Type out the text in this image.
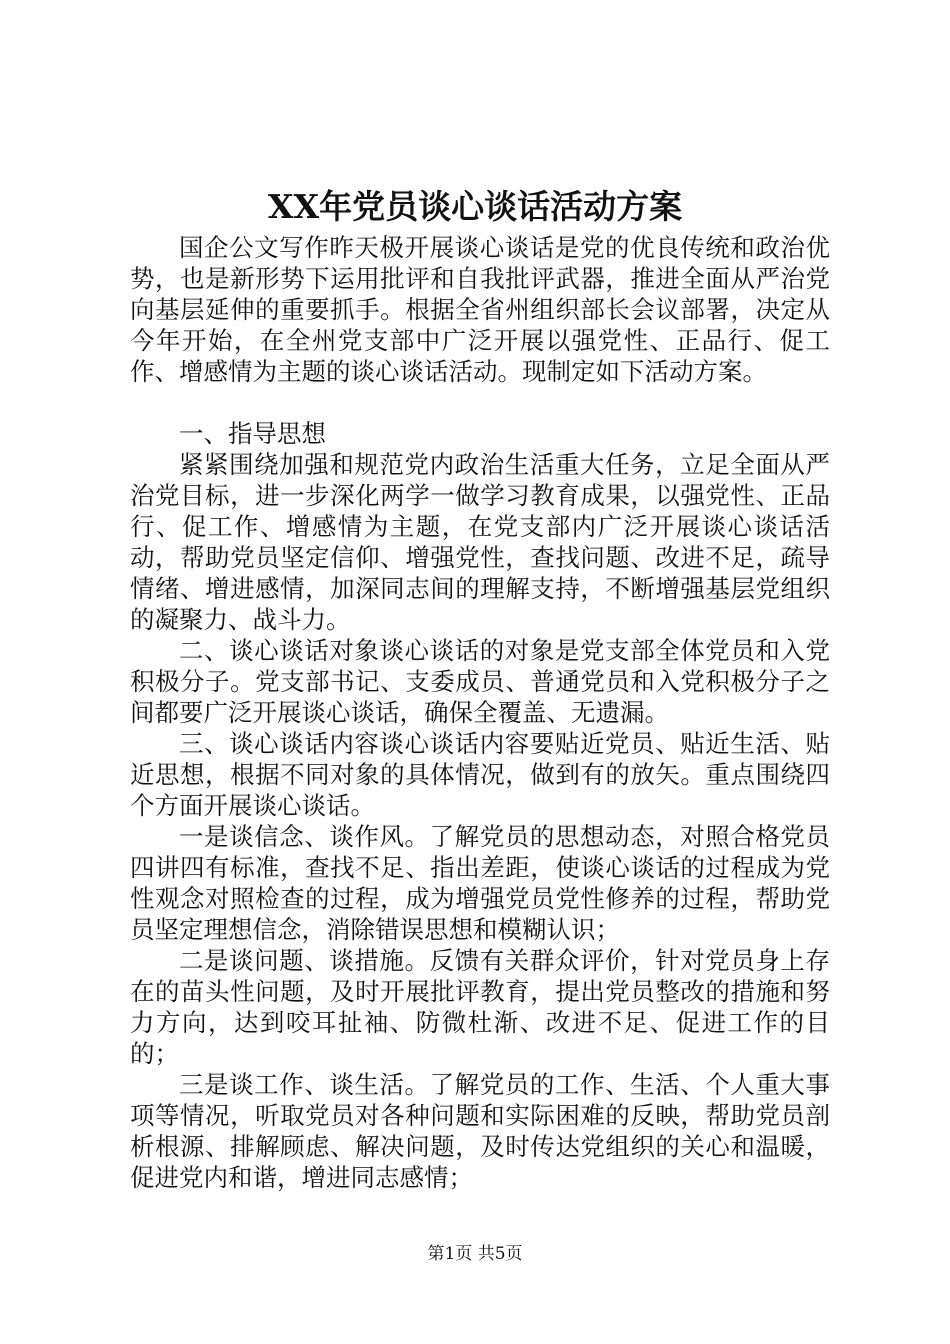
XX年党员谈心谈话活动方案

国企公文写作昨天极开展谈心谈话是党的优良传统和政治优势，也是新形势下运用批评和自我批评武器，推进全面从严治党向基层延伸的重要抓手。根据全省州组织部长会议部署，决定从今年开始，在全州党支部中广泛开展以强党性、正品行、促工作、增感情为主题的谈心谈话活动。现制定如下活动方案。

一、指导思想

紧紧围绕加强和规范党内政治生活重大任务，立足全面从严治党目标，进一步深化两学一做学习教育成果，以强党性、正品行、促工作、增感情为主题，在党支部内广泛开展谈心谈话活动，帮助党员坚定信仰、增强党性，查找问题、改进不足，疏导情绪、增进感情，加深同志间的理解支持，不断增强基层党组织的凝聚力、战斗力。

二、谈心谈话对象谈心谈话的对象是党支部全体党员和入党积极分子。党支部书记、支委成员、普通党员和入党积极分子之间都要广泛开展谈心谈话，确保全覆盖、无遗漏。

三、谈心谈话内容谈心谈话内容要贴近党员、贴近生活、贴近思想，根据不同对象的具体情况，做到有的放矢。重点围绕四个方面开展谈心谈话。

一是谈信念、谈作风。了解党员的思想动态，对照合格党员四讲四有标准，查找不足、指出差距，使谈心谈话的过程成为党性观念对照检查的过程，成为增强党员党性修养的过程，帮助党员坚定理想信念，消除错误思想和模糊认识；

二是谈问题、谈措施。反馈有关群众评价，针对党员身上存在的苗头性问题，及时开展批评教育，提出党员整改的措施和努力方向，达到咬耳扯袖、防微杜渐、改进不足、促进工作的目的；

三是谈工作、谈生活。了解党员的工作、生活、个人重大事项等情况，听取党员对各种问题和实际困难的反映，帮助党员剖析根源、排解顾虑、解决问题，及时传达党组织的关心和温暖，促进党内和谐，增进同志感情；

第1页 共5页
